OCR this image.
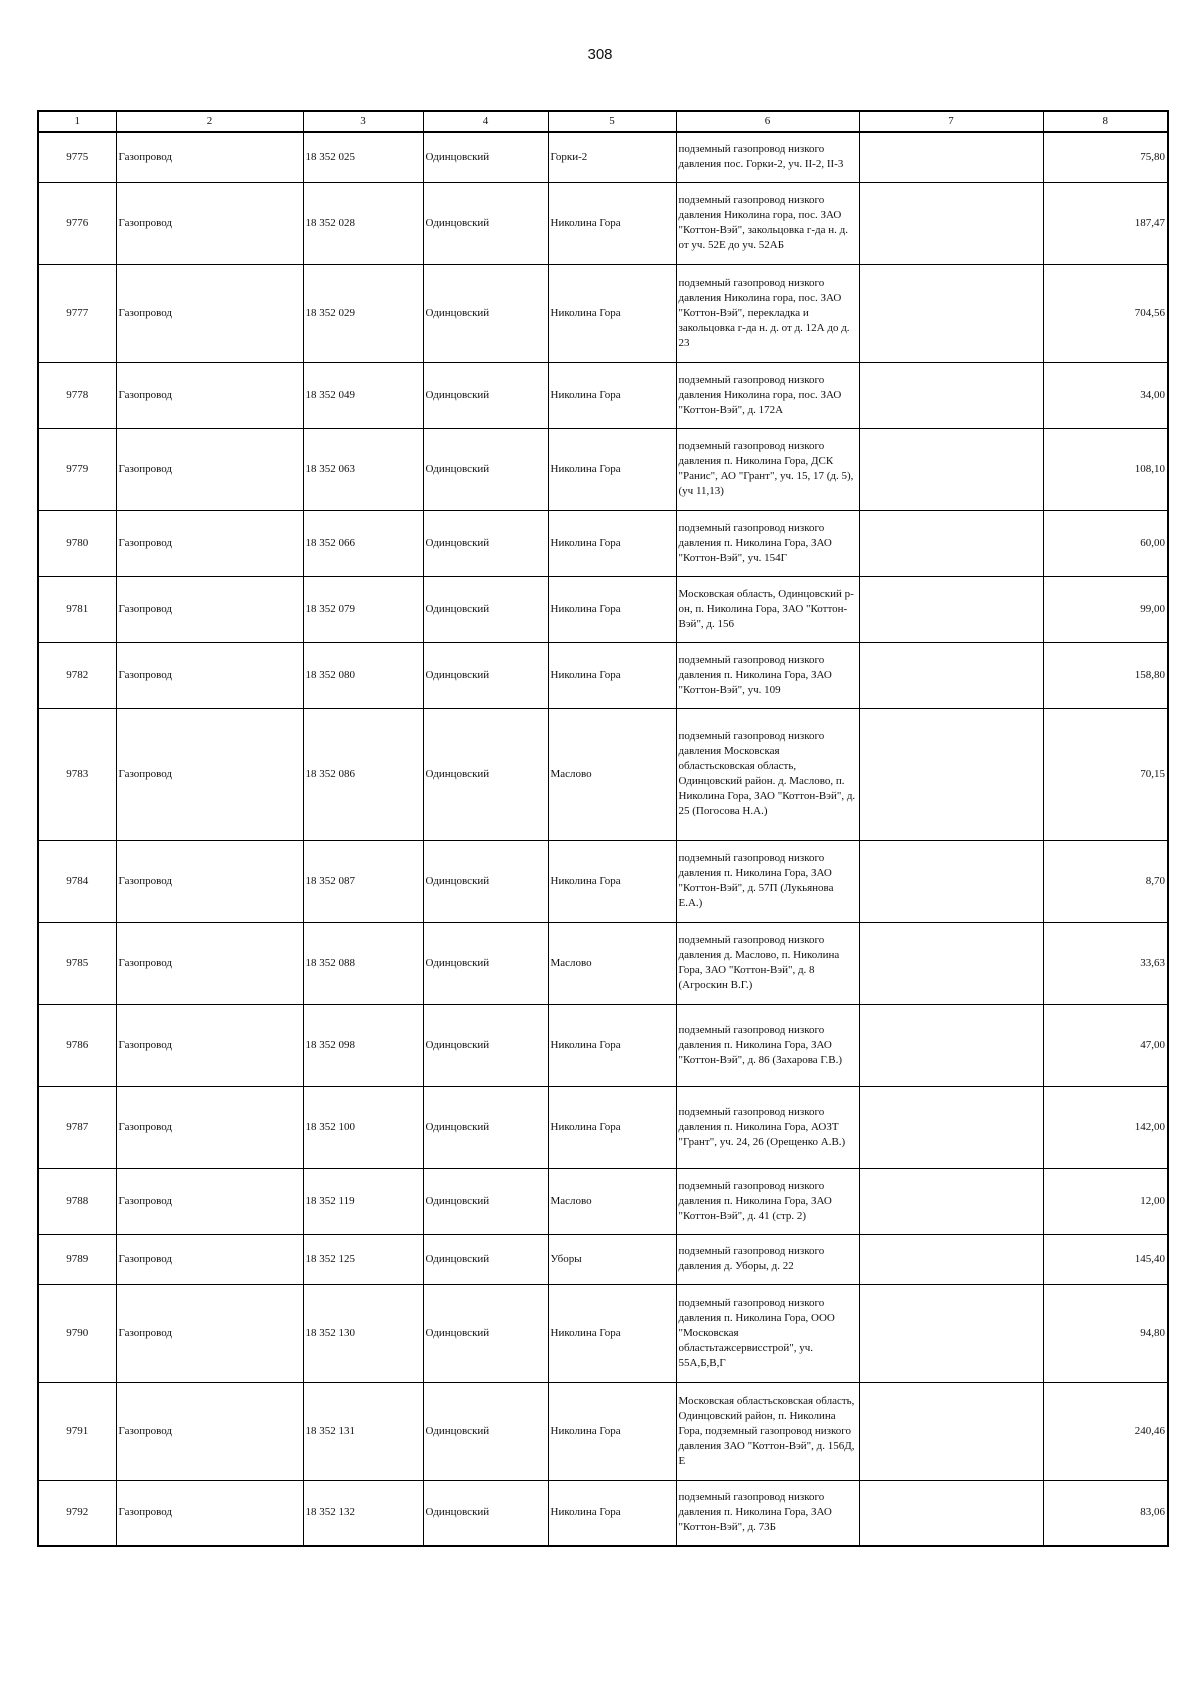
308
1	2	3	4	5	6	7	8
9775	Газопровод	18 352 025	Одинцовский	Горки-2	подземный газопровод низкого давления пос. Горки-2, уч. II-2, II-3		75,80
9776	Газопровод	18 352 028	Одинцовский	Николина Гора	подземный газопровод низкого давления Николина гора, пос. ЗАО "Коттон-Вэй", закольцовка г-да н. д. от уч. 52Е до уч. 52АБ		187,47
9777	Газопровод	18 352 029	Одинцовский	Николина Гора	подземный газопровод низкого давления Николина гора, пос. ЗАО "Коттон-Вэй", перекладка и закольцовка г-да н. д. от д. 12А до д. 23		704,56
9778	Газопровод	18 352 049	Одинцовский	Николина Гора	подземный газопровод низкого давления Николина гора, пос. ЗАО "Коттон-Вэй", д. 172А		34,00
9779	Газопровод	18 352 063	Одинцовский	Николина Гора	подземный газопровод низкого давления п. Николина Гора, ДСК "Ранис", АО "Грант", уч. 15, 17 (д. 5),(уч 11,13)		108,10
9780	Газопровод	18 352 066	Одинцовский	Николина Гора	подземный газопровод низкого давления п. Николина Гора, ЗАО "Коттон-Вэй", уч. 154Г		60,00
9781	Газопровод	18 352 079	Одинцовский	Николина Гора	Московская область, Одинцовский р-он, п. Николина Гора, ЗАО "Коттон-Вэй", д. 156		99,00
9782	Газопровод	18 352 080	Одинцовский	Николина Гора	подземный газопровод низкого давления п. Николина Гора, ЗАО "Коттон-Вэй", уч. 109		158,80
9783	Газопровод	18 352 086	Одинцовский	Маслово	подземный газопровод низкого давления Московская областьсковская область, Одинцовский район. д. Маслово, п. Николина Гора, ЗАО "Коттон-Вэй", д. 25 (Погосова Н.А.)		70,15
9784	Газопровод	18 352 087	Одинцовский	Николина Гора	подземный газопровод низкого давления п. Николина Гора, ЗАО "Коттон-Вэй", д. 57П (Лукьянова Е.А.)		8,70
9785	Газопровод	18 352 088	Одинцовский	Маслово	подземный газопровод низкого давления д. Маслово, п. Николина Гора, ЗАО "Коттон-Вэй", д. 8 (Агроскин В.Г.)		33,63
9786	Газопровод	18 352 098	Одинцовский	Николина Гора	подземный газопровод низкого давления п. Николина Гора, ЗАО "Коттон-Вэй", д. 86 (Захарова Г.В.)		47,00
9787	Газопровод	18 352 100	Одинцовский	Николина Гора	подземный газопровод низкого давления п. Николина Гора, АОЗТ "Грант", уч. 24, 26 (Орещенко А.В.)		142,00
9788	Газопровод	18 352 119	Одинцовский	Маслово	подземный газопровод низкого давления п. Николина Гора, ЗАО "Коттон-Вэй", д. 41 (стр. 2)		12,00
9789	Газопровод	18 352 125	Одинцовский	Уборы	подземный газопровод низкого давления д. Уборы, д. 22		145,40
9790	Газопровод	18 352 130	Одинцовский	Николина Гора	подземный газопровод низкого давления п. Николина Гора, ООО "Московская областьтажсервисстрой", уч. 55А,Б,В,Г		94,80
9791	Газопровод	18 352 131	Одинцовский	Николина Гора	Московская областьсковская область, Одинцовский район, п. Николина Гора, подземный газопровод низкого давления ЗАО "Коттон-Вэй", д. 156Д, Е		240,46
9792	Газопровод	18 352 132	Одинцовский	Николина Гора	подземный газопровод низкого давления п. Николина Гора, ЗАО "Коттон-Вэй", д. 73Б		83,06
